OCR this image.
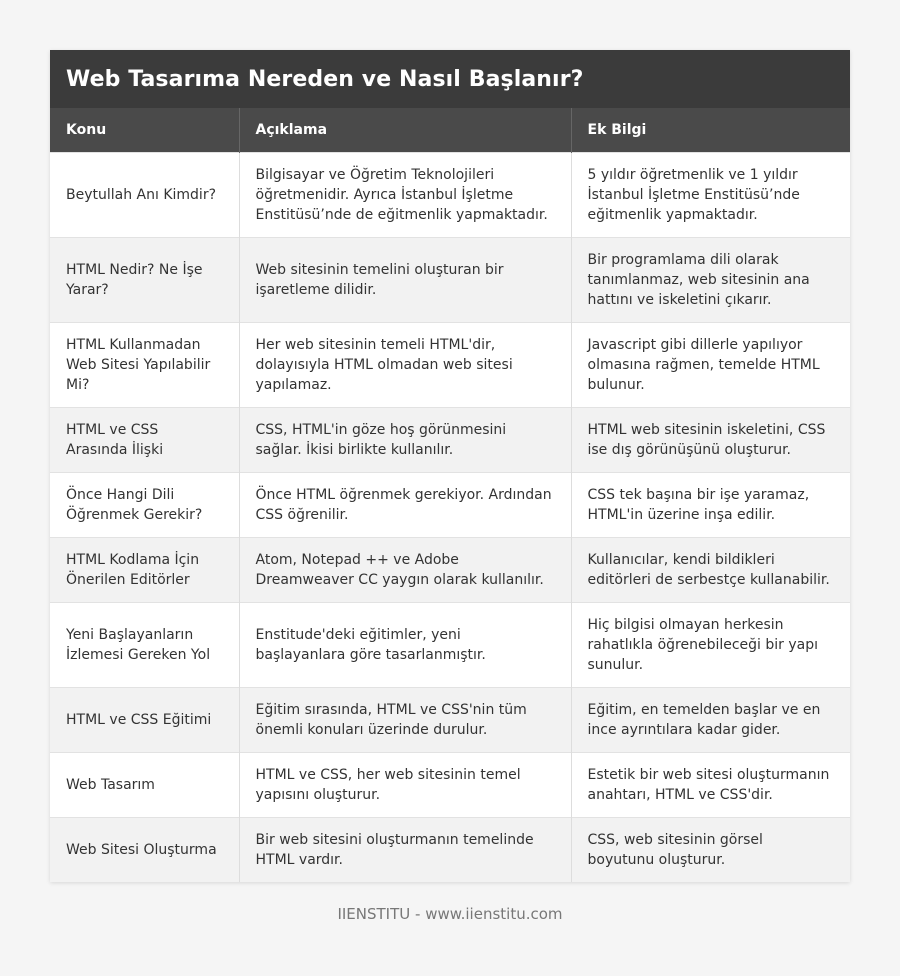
Web Tasarıma Nereden ve Nasıl Başlanır?
Konu	Açıklama	Ek Bilgi
Beytullah Anı Kimdir?	Bilgisayar ve Öğretim Teknolojileri öğretmenidir. Ayrıca İstanbul İşletme Enstitüsü’nde de eğitmenlik yapmaktadır.	5 yıldır öğretmenlik ve 1 yıldır İstanbul İşletme Enstitüsü’nde eğitmenlik yapmaktadır.
HTML Nedir? Ne İşe Yarar?	Web sitesinin temelini oluşturan bir işaretleme dilidir.	Bir programlama dili olarak tanımlanmaz, web sitesinin ana hattını ve iskeletini çıkarır.
HTML Kullanmadan Web Sitesi Yapılabilir Mi?	Her web sitesinin temeli HTML'dir, dolayısıyla HTML olmadan web sitesi yapılamaz.	Javascript gibi dillerle yapılıyor olmasına rağmen, temelde HTML bulunur.
HTML ve CSS Arasında İlişki	CSS, HTML'in göze hoş görünmesini sağlar. İkisi birlikte kullanılır.	HTML web sitesinin iskeletini, CSS ise dış görünüşünü oluşturur.
Önce Hangi Dili Öğrenmek Gerekir?	Önce HTML öğrenmek gerekiyor. Ardından CSS öğrenilir.	CSS tek başına bir işe yaramaz, HTML'in üzerine inşa edilir.
HTML Kodlama İçin Önerilen Editörler	Atom, Notepad ++ ve Adobe Dreamweaver CC yaygın olarak kullanılır.	Kullanıcılar, kendi bildikleri editörleri de serbestçe kullanabilir.
Yeni Başlayanların İzlemesi Gereken Yol	Enstitude'deki eğitimler, yeni başlayanlara göre tasarlanmıştır.	Hiç bilgisi olmayan herkesin rahatlıkla öğrenebileceği bir yapı sunulur.
HTML ve CSS Eğitimi	Eğitim sırasında, HTML ve CSS'nin tüm önemli konuları üzerinde durulur.	Eğitim, en temelden başlar ve en ince ayrıntılara kadar gider.
Web Tasarım	HTML ve CSS, her web sitesinin temel yapısını oluşturur.	Estetik bir web sitesi oluşturmanın anahtarı, HTML ve CSS'dir.
Web Sitesi Oluşturma	Bir web sitesini oluşturmanın temelinde HTML vardır.	CSS, web sitesinin görsel boyutunu oluşturur.
IIENSTITU - www.iienstitu.com
